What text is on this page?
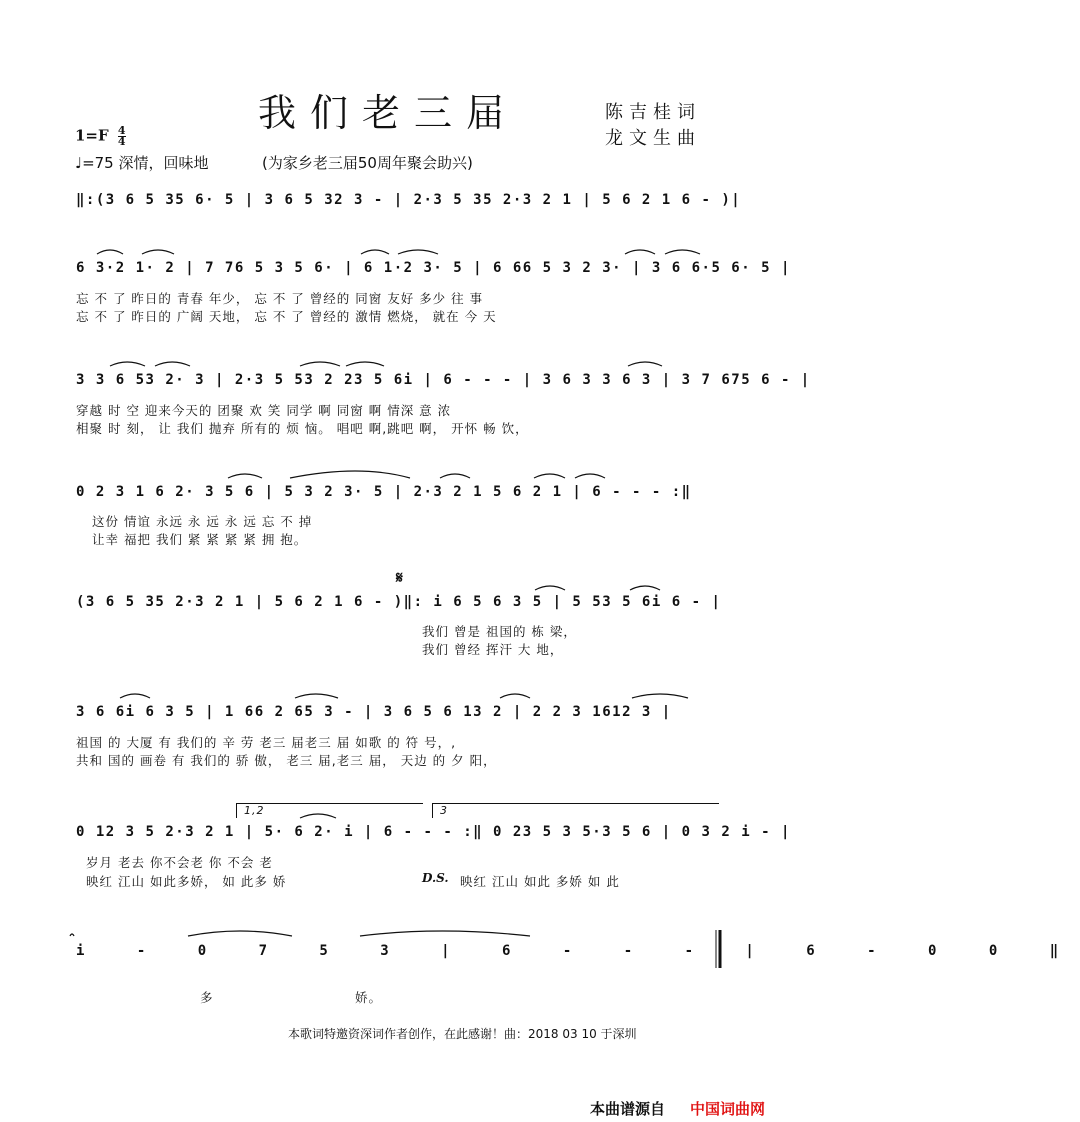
我们老三届	陈吉桂词
龙文生曲
$1=F \frac{4}{4}$
♩=75 深情，回味地	(为家乡老三届50周年聚会助兴)
‖:(3 6 5 35 6· 5 | 3 6 5 32 3 - | 2·3 5 35 2·3 2 1 | 5 6 2 1 6 - )|
6 3·2 1· 2 | 7 76 5 3 5 6· | 6 1·2 3· 5 | 6 66 5 3 2 3· | 3 6 6·5 6· 5 |
忘 不 了 昨日的 青春 年少， 忘 不 了 曾经的 同窗 友好 多少 往 事
忘 不 了 昨日的 广阔 天地， 忘 不 了 曾经的 激情 燃烧， 就在 今 天
3 3 6 53 2· 3 | 2·3 5 53 2 23 5 6i | 6 - - - | 3 6 3 3 6 3 | 3 7 675 6 - |
穿越 时 空 迎来今天的 团聚 欢 笑 同学 啊 同窗 啊 情深 意 浓
相聚 时 刻， 让 我们 抛弃 所有的 烦 恼。 唱吧 啊,跳吧 啊， 开怀 畅 饮，
0 2 3 1 6 2· 3 5 6 | 5 3 2 3· 5 | 2·3 2 1 5 6 2 1 | 6 - - - :‖
这份 情谊 永远 永 远 永 远 忘 不 掉
让幸 福把 我们 紧 紧 紧 紧 拥 抱。
𝄋
(3 6 5 35 2·3 2 1 | 5 6 2 1 6 - )‖: i 6 5 6 3 5 | 5 53 5 6i 6 - |
我们 曾是 祖国的 栋 梁，
我们 曾经 挥汗 大 地，
3 6 6i 6 3 5 | 1 66 2 65 3 - | 3 6 5 6 13 2 | 2 2 3 1612 3 |
祖国 的 大厦 有 我们的 辛 劳 老三 届老三 届 如歌 的 符 号，,
共和 国的 画卷 有 我们的 骄 傲， 老三 届,老三 届， 天边 的 夕 阳，
1,2	3
0 12 3 5 2·3 2 1 | 5· 6 2· i | 6 - - - :‖ 0 23 5 3 5·3 5 6 | 0 3 2 i - |
岁月 老去 你不会老 你 不会 老
映红 江山 如此多娇， 如 此多 娇	D.S. 映红 江山 如此 多娇 如 此
i - 0 7 5 3 | 6 - - - | 6 - 0 0 ‖
多	娇。
本歌词特邀资深词作者创作，在此感谢！曲：2018 03 10 于深圳
本曲谱源自 中国词曲网
